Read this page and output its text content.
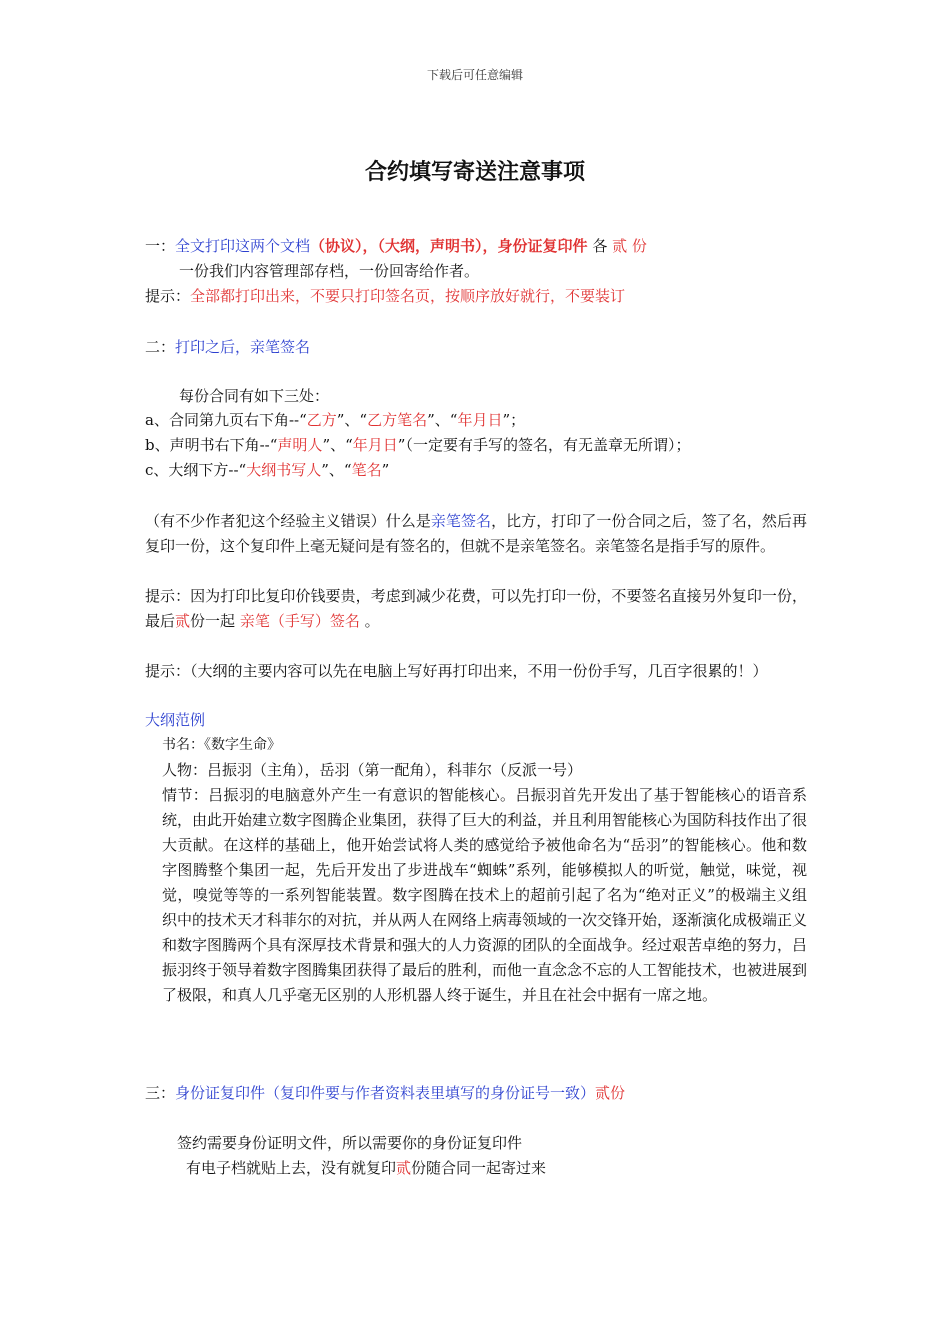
下载后可任意编辑
合约填写寄送注意事项
一：全文打印这两个文档（协议），（大纲，声明书），身份证复印件 各 贰 份
一份我们内容管理部存档，一份回寄给作者。
提示：全部都打印出来，不要只打印签名页，按顺序放好就行，不要装订
二：打印之后，亲笔签名
每份合同有如下三处：
a、合同第九页右下角--“乙方”、“乙方笔名”、“年月日”；
b、声明书右下角--“声明人”、“年月日”（一定要有手写的签名，有无盖章无所谓）；
c、大纲下方--“大纲书写人”、“笔名”
（有不少作者犯这个经验主义错误）什么是亲笔签名，比方，打印了一份合同之后，签了名，然后再复印一份，这个复印件上毫无疑问是有签名的，但就不是亲笔签名。亲笔签名是指手写的原件。
提示：因为打印比复印价钱要贵，考虑到减少花费，可以先打印一份，不要签名直接另外复印一份，最后贰份一起 亲笔（手写）签名 。
提示：（大纲的主要内容可以先在电脑上写好再打印出来，不用一份份手写，几百字很累的！）
大纲范例
书名：《数字生命》
人物：吕振羽（主角），岳羽（第一配角），科菲尔（反派一号）
情节：吕振羽的电脑意外产生一有意识的智能核心。吕振羽首先开发出了基于智能核心的语音系统，由此开始建立数字图腾企业集团，获得了巨大的利益，并且利用智能核心为国防科技作出了很大贡献。在这样的基础上，他开始尝试将人类的感觉给予被他命名为“岳羽”的智能核心。他和数字图腾整个集团一起，先后开发出了步进战车“蜘蛛”系列，能够模拟人的听觉，触觉，味觉，视觉，嗅觉等等的一系列智能装置。数字图腾在技术上的超前引起了名为“绝对正义”的极端主义组织中的技术天才科菲尔的对抗，并从两人在网络上病毒领域的一次交锋开始，逐渐演化成极端正义和数字图腾两个具有深厚技术背景和强大的人力资源的团队的全面战争。经过艰苦卓绝的努力，吕振羽终于领导着数字图腾集团获得了最后的胜利，而他一直念念不忘的人工智能技术，也被进展到了极限，和真人几乎毫无区别的人形机器人终于诞生，并且在社会中据有一席之地。
三：身份证复印件（复印件要与作者资料表里填写的身份证号一致）贰份
签约需要身份证明文件，所以需要你的身份证复印件
有电子档就贴上去，没有就复印贰份随合同一起寄过来
